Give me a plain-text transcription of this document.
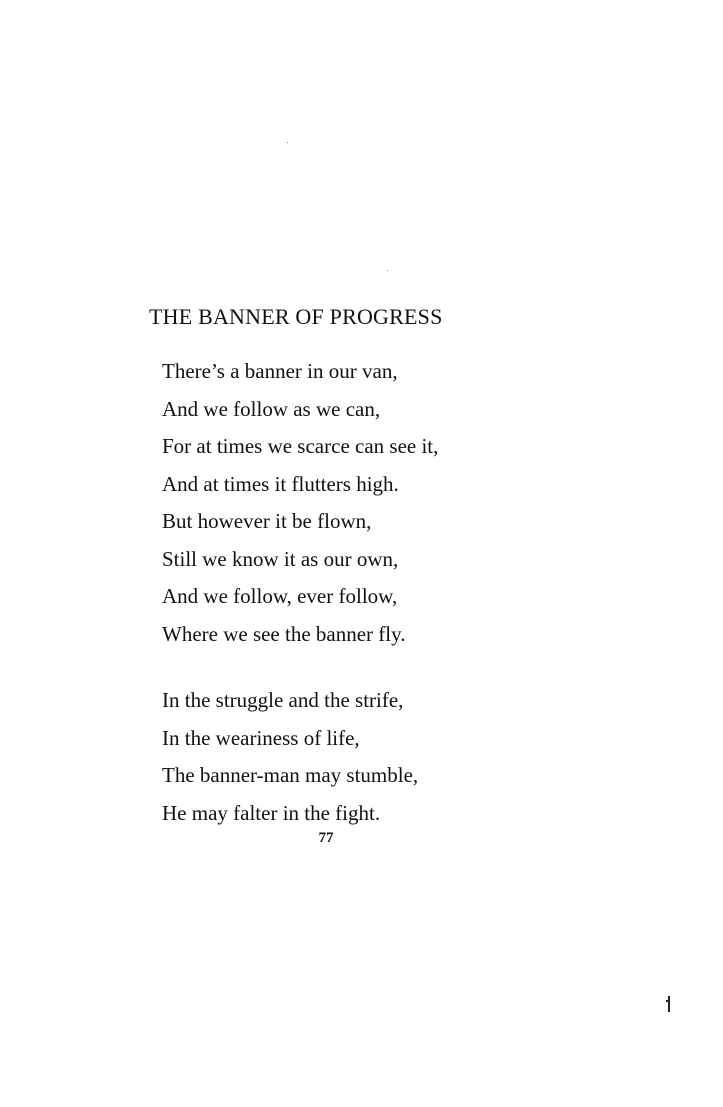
THE BANNER OF PROGRESS
There’s a banner in our van,
And we follow as we can,
For at times we scarce can see it,
And at times it flutters high.
But however it be flown,
Still we know it as our own,
And we follow, ever follow,
Where we see the banner fly.
In the struggle and the strife,
In the weariness of life,
The banner-man may stumble,
He may falter in the fight.
77
